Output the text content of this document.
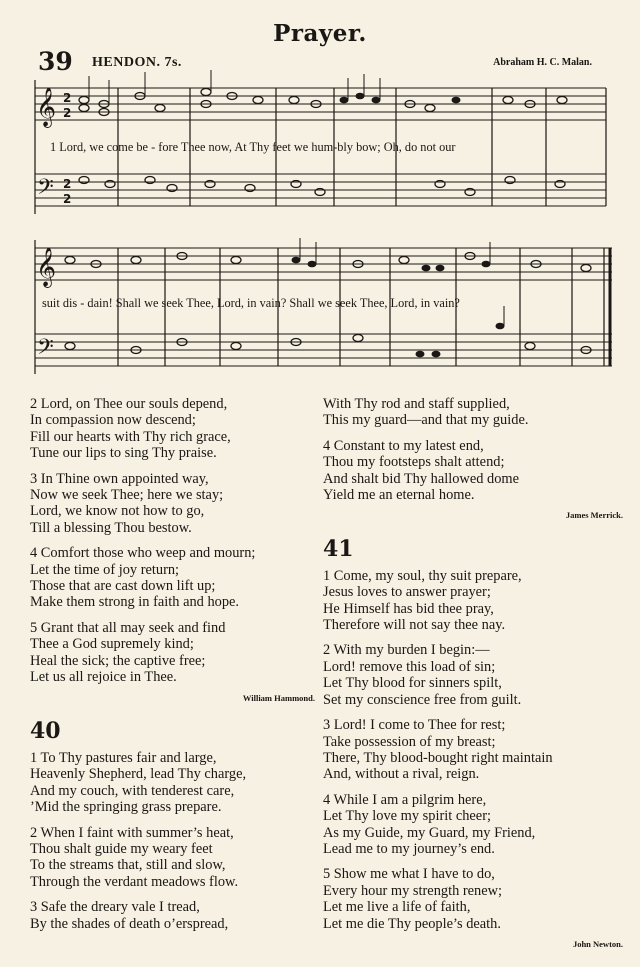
Prayer.
39 HENDON. 7s.	Abraham H. C. Malan.
𝄞
𝄢
𝄞
𝄢
2
2
2
2
1 Lord, we come be - fore Thee now, At Thy feet we hum-bly bow; Oh, do not our
suit dis - dain! Shall we seek Thee, Lord, in vain? Shall we seek Thee, Lord, in vain?
2 Lord, on Thee our souls depend,
In compassion now descend;
Fill our hearts with Thy rich grace,
Tune our lips to sing Thy praise.
3 In Thine own appointed way,
Now we seek Thee; here we stay;
Lord, we know not how to go,
Till a blessing Thou bestow.
4 Comfort those who weep and mourn;
Let the time of joy return;
Those that are cast down lift up;
Make them strong in faith and hope.
5 Grant that all may seek and find
Thee a God supremely kind;
Heal the sick; the captive free;
Let us all rejoice in Thee.
William Hammond.
40
1 To Thy pastures fair and large,
Heavenly Shepherd, lead Thy charge,
And my couch, with tenderest care,
’Mid the springing grass prepare.
2 When I faint with summer’s heat,
Thou shalt guide my weary feet
To the streams that, still and slow,
Through the verdant meadows flow.
3 Safe the dreary vale I tread,
By the shades of death o’erspread,
With Thy rod and staff supplied,
This my guard—and that my guide.
4 Constant to my latest end,
Thou my footsteps shalt attend;
And shalt bid Thy hallowed dome
Yield me an eternal home.
James Merrick.
41
1 Come, my soul, thy suit prepare,
Jesus loves to answer prayer;
He Himself has bid thee pray,
Therefore will not say thee nay.
2 With my burden I begin:—
Lord! remove this load of sin;
Let Thy blood for sinners spilt,
Set my conscience free from guilt.
3 Lord! I come to Thee for rest;
Take possession of my breast;
There, Thy blood-bought right maintain
And, without a rival, reign.
4 While I am a pilgrim here,
Let Thy love my spirit cheer;
As my Guide, my Guard, my Friend,
Lead me to my journey’s end.
5 Show me what I have to do,
Every hour my strength renew;
Let me live a life of faith,
Let me die Thy people’s death.
John Newton.
